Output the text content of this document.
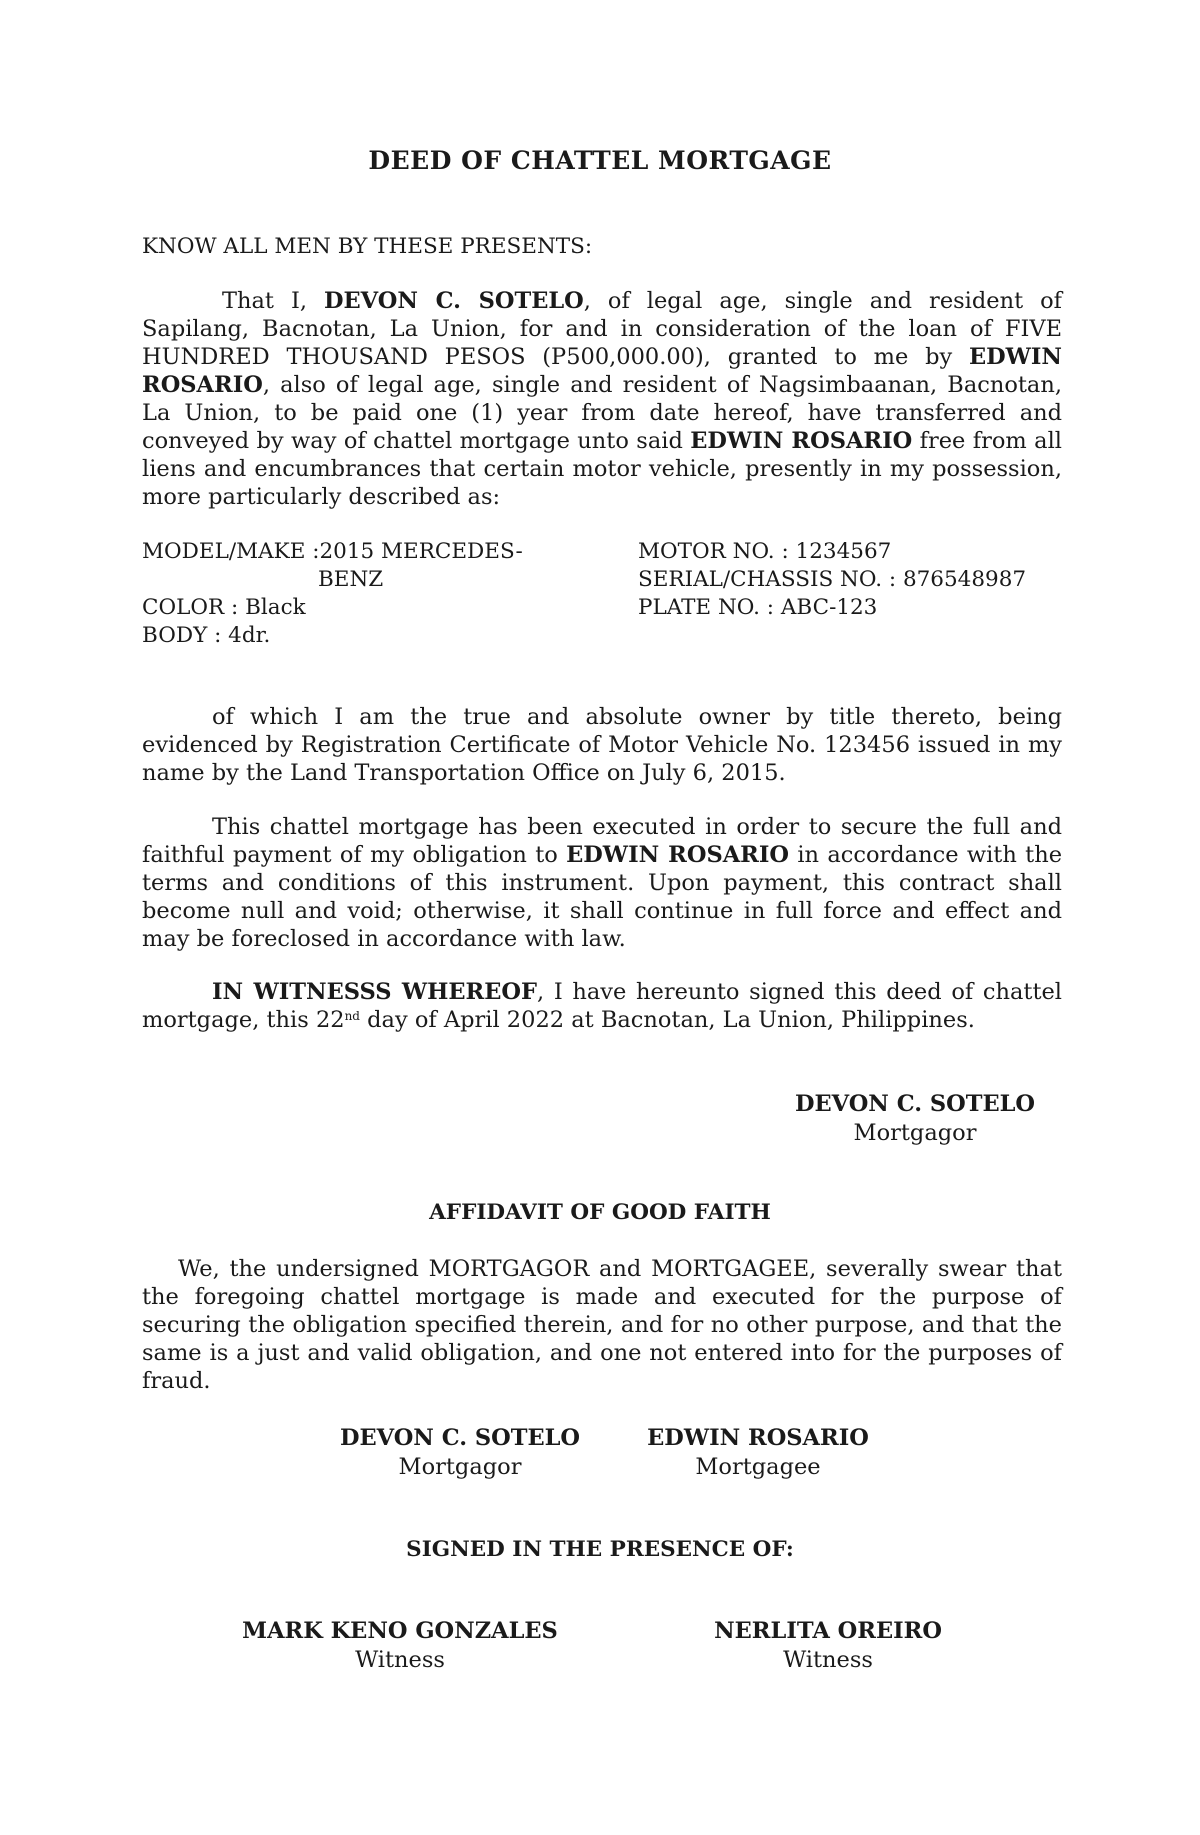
DEED OF CHATTEL MORTGAGE
KNOW ALL MEN BY THESE PRESENTS:
That I, DEVON C. SOTELO, of legal age, single and resident of Sapilang, Bacnotan, La Union, for and in consideration of the loan of FIVE HUNDRED THOUSAND PESOS (P500,000.00), granted to me by EDWIN ROSARIO, also of legal age, single and resident of Nagsimbaanan, Bacnotan, La Union, to be paid one (1) year from date hereof, have transferred and conveyed by way of chattel mortgage unto said EDWIN ROSARIO free from all liens and encumbrances that certain motor vehicle, presently in my possession, more particularly described as:
MODEL/MAKE :2015 MERCEDES-
BENZ
COLOR : Black
BODY : 4dr.
MOTOR NO. : 1234567
SERIAL/CHASSIS NO. : 876548987
PLATE NO. : ABC-123
of which I am the true and absolute owner by title thereto, being evidenced by Registration Certificate of Motor Vehicle No. 123456 issued in my name by the Land Transportation Office on July 6, 2015.
This chattel mortgage has been executed in order to secure the full and faithful payment of my obligation to EDWIN ROSARIO in accordance with the terms and conditions of this instrument. Upon payment, this contract shall become null and void; otherwise, it shall continue in full force and effect and may be foreclosed in accordance with law.
IN WITNESSS WHEREOF, I have hereunto signed this deed of chattel mortgage, this 22nd day of April 2022 at Bacnotan, La Union, Philippines.
DEVON C. SOTELO
Mortgagor
AFFIDAVIT OF GOOD FAITH
We, the undersigned MORTGAGOR and MORTGAGEE, severally swear that the foregoing chattel mortgage is made and executed for the purpose of securing the obligation specified therein, and for no other purpose, and that the same is a just and valid obligation, and one not entered into for the purposes of fraud.
DEVON C. SOTELO
Mortgagor
EDWIN ROSARIO
Mortgagee
SIGNED IN THE PRESENCE OF:
MARK KENO GONZALES
Witness
NERLITA OREIRO
Witness
